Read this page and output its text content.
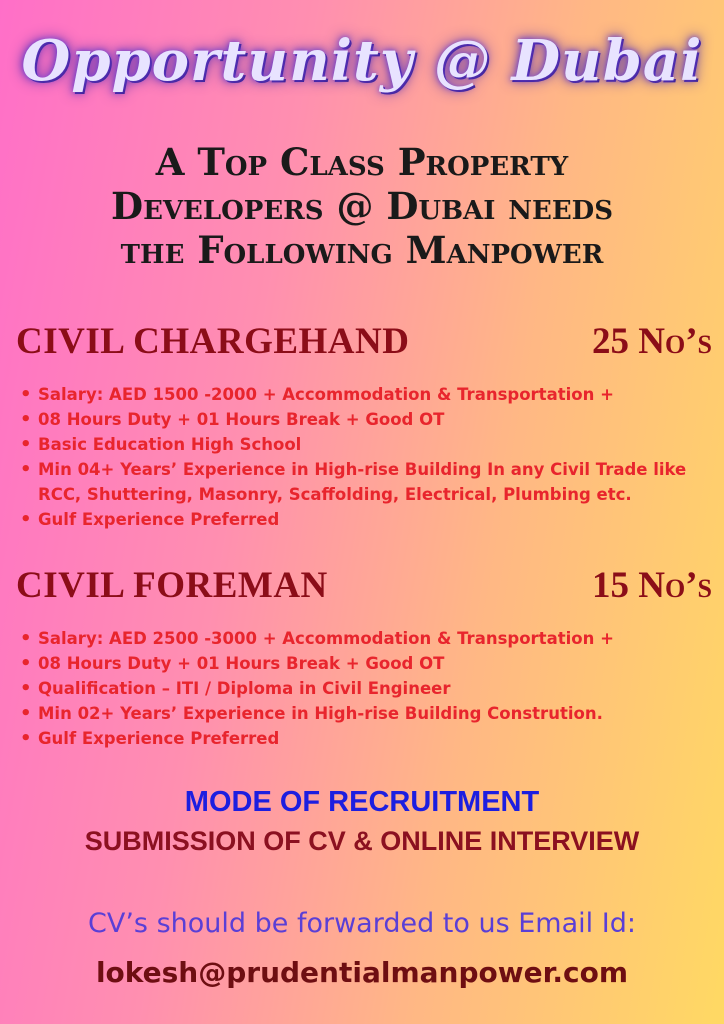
Opportunity @ Dubai
A Top Class Property
Developers @ Dubai needs
the Following Manpower
CIVIL CHARGEHAND	25 No’s
• Salary: AED 1500 -2000 + Accommodation & Transportation +
• 08 Hours Duty + 01 Hours Break + Good OT
• Basic Education High School
• Min 04+ Years’ Experience in High-rise Building In any Civil Trade like RCC, Shuttering, Masonry, Scaffolding, Electrical, Plumbing etc.
• Gulf Experience Preferred
CIVIL FOREMAN	15 No’s
• Salary: AED 2500 -3000 + Accommodation & Transportation +
• 08 Hours Duty + 01 Hours Break + Good OT
• Qualification – ITI / Diploma in Civil Engineer
• Min 02+ Years’ Experience in High-rise Building Constrution.
• Gulf Experience Preferred
MODE OF RECRUITMENT
SUBMISSION OF CV & ONLINE INTERVIEW
CV’s should be forwarded to us Email Id:
lokesh@prudentialmanpower.com
